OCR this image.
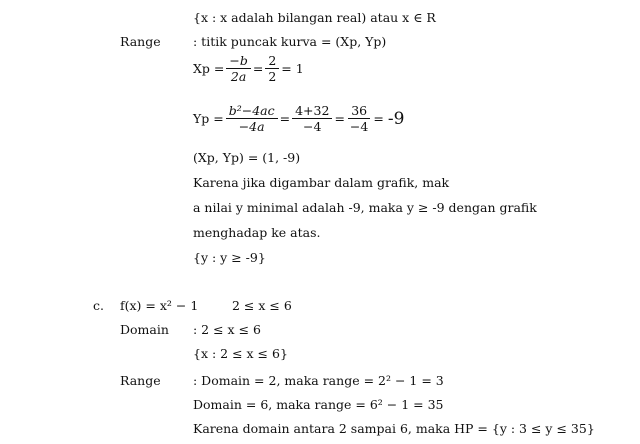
{x : x adalah bilangan real) atau x ∈ R
Range	: titik puncak kurva = (Xp, Yp)
$Xp = \frac{-b}{2a} = \frac{2}{2} = 1$
$Yp = \frac{\text{b²−4ac}}{-4a} = \frac{4+32}{-4} = \frac{36}{-4} = -9$
(Xp, Yp) = (1, -9)
Karena jika digambar dalam grafik, mak
a nilai y minimal adalah -9, maka y ≥ -9 dengan grafik
menghadap ke atas.
{y : y ≥ -9}
c. f(x) = x² − 1	2 ≤ x ≤ 6
Domain : 2 ≤ x ≤ 6
{x : 2 ≤ x ≤ 6}
Range	: Domain = 2, maka range = 2² − 1 = 3
Domain = 6, maka range = 6² − 1 = 35
Karena domain antara 2 sampai 6, maka HP = {y : 3 ≤ y ≤ 35}
